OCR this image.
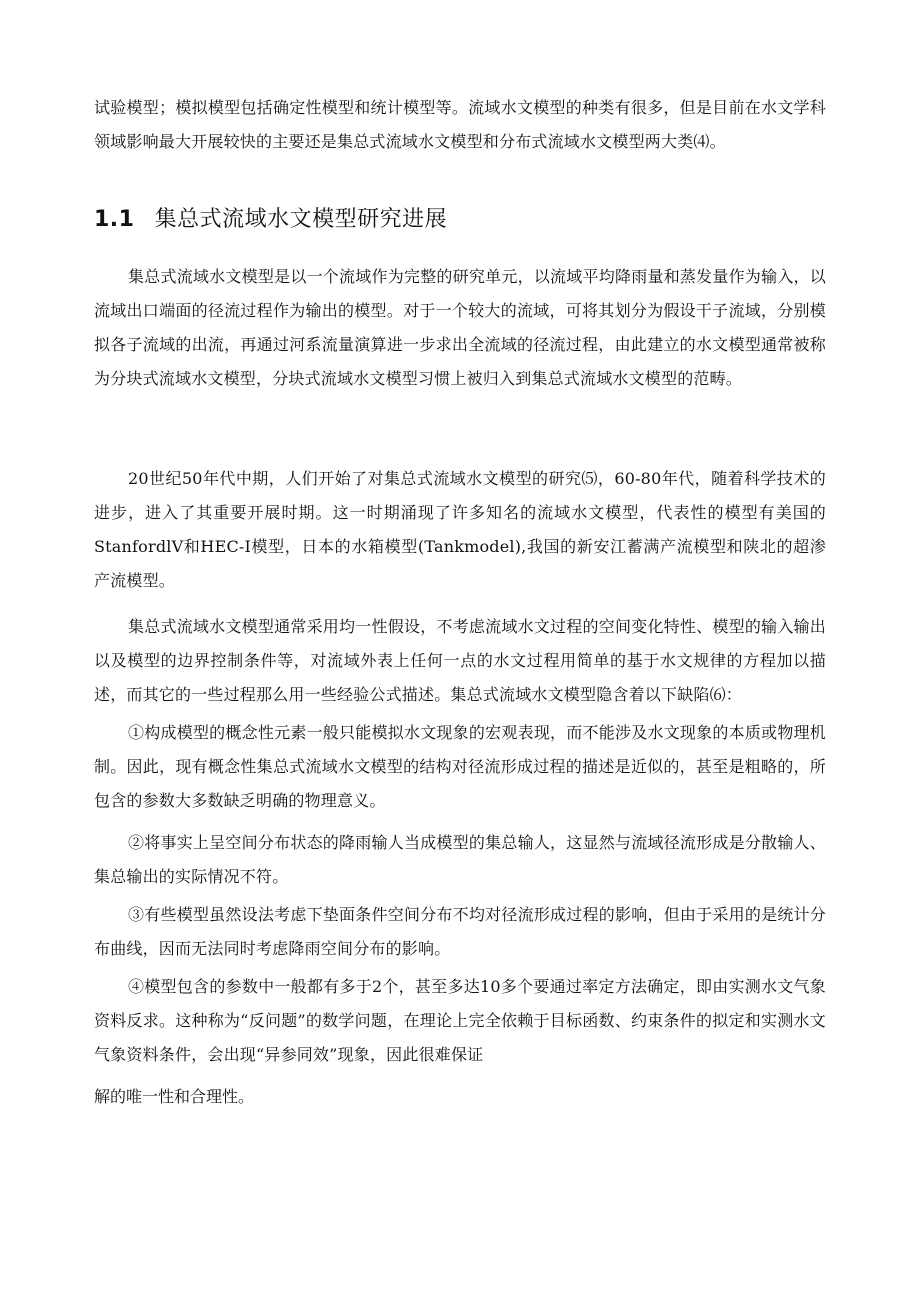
试验模型；模拟模型包括确定性模型和统计模型等。流域水文模型的种类有很多，但是目前在水文学科领域影响最大开展较快的主要还是集总式流域水文模型和分布式流域水文模型两大类⑷。

1.1 集总式流域水文模型研究进展

集总式流域水文模型是以一个流域作为完整的研究单元，以流域平均降雨量和蒸发量作为输入，以流域出口端面的径流过程作为输出的模型。对于一个较大的流域，可将其划分为假设干子流域，分别模拟各子流域的出流，再通过河系流量演算进一步求出全流域的径流过程，由此建立的水文模型通常被称为分块式流域水文模型，分块式流域水文模型习惯上被归入到集总式流域水文模型的范畴。

20世纪50年代中期，人们开始了对集总式流域水文模型的研究⑸，60-80年代，随着科学技术的进步，进入了其重要开展时期。这一时期涌现了许多知名的流域水文模型，代表性的模型有美国的StanfordlV和HEC-I模型，日本的水箱模型(Tankmodel),我国的新安江蓄满产流模型和陕北的超渗产流模型。

集总式流域水文模型通常采用均一性假设，不考虑流域水文过程的空间变化特性、模型的输入输出以及模型的边界控制条件等，对流域外表上任何一点的水文过程用简单的基于水文规律的方程加以描述，而其它的一些过程那么用一些经验公式描述。集总式流域水文模型隐含着以下缺陷⑹：

①构成模型的概念性元素一般只能模拟水文现象的宏观表现，而不能涉及水文现象的本质或物理机制。因此，现有概念性集总式流域水文模型的结构对径流形成过程的描述是近似的，甚至是粗略的，所包含的参数大多数缺乏明确的物理意义。

②将事实上呈空间分布状态的降雨输人当成模型的集总输人，这显然与流域径流形成是分散输人、集总输出的实际情况不符。

③有些模型虽然设法考虑下垫面条件空间分布不均对径流形成过程的影响，但由于采用的是统计分布曲线，因而无法同时考虑降雨空间分布的影响。

④模型包含的参数中一般都有多于2个，甚至多达10多个要通过率定方法确定，即由实测水文气象资料反求。这种称为“反问题”的数学问题，在理论上完全依赖于目标函数、约束条件的拟定和实测水文气象资料条件，会出现“异参同效”现象，因此很难保证

解的唯一性和合理性。
